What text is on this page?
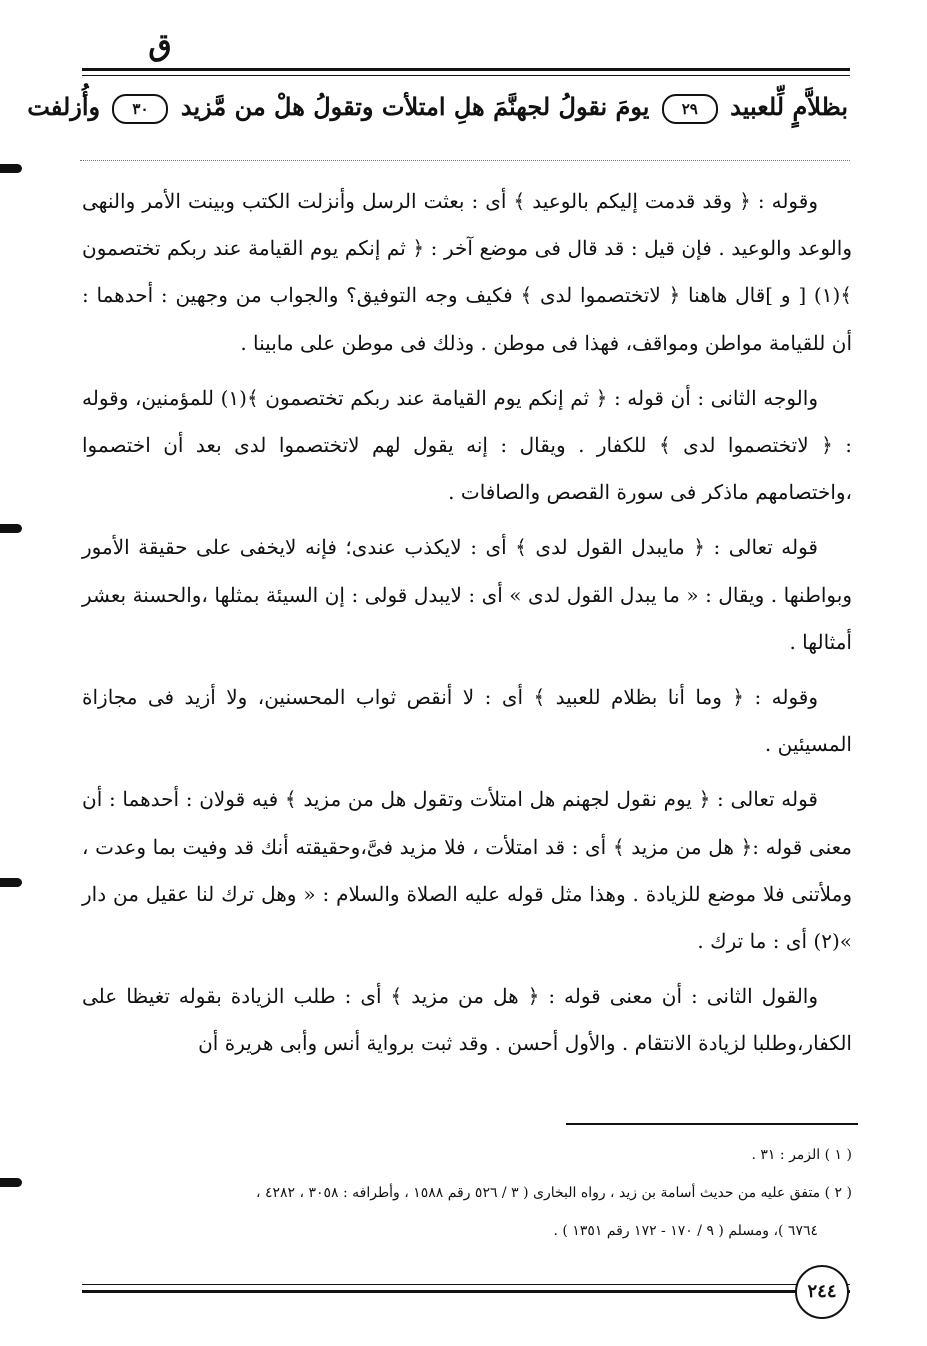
ق
بظلاَّمٍ لِّلعبيد ٢٩ يومَ نقولُ لجهنَّمَ هلِ امتلأت وتقولُ هلْ من مَّزيد ٣٠ وأُزلفت

وقوله : ﴿ وقد قدمت إليكم بالوعيد ﴾ أى : بعثت الرسل وأنزلت الكتب وبينت الأمر والنهى والوعد والوعيد . فإن قيل : قد قال فى موضع آخر : ﴿ ثم إنكم يوم القيامة عند ربكم تختصمون ﴾(١) [ و ]قال هاهنا ﴿ لاتختصموا لدى ﴾ فكيف وجه التوفيق؟ والجواب من وجهين : أحدهما : أن للقيامة مواطن ومواقف، فهذا فى موطن . وذلك فى موطن على مابينا .

والوجه الثانى : أن قوله : ﴿ ثم إنكم يوم القيامة عند ربكم تختصمون ﴾(١) للمؤمنين، وقوله : ﴿ لاتختصموا لدى ﴾ للكفار . ويقال : إنه يقول لهم لاتختصموا لدى بعد أن اختصموا ،واختصامهم ماذكر فى سورة القصص والصافات .

قوله تعالى : ﴿ مايبدل القول لدى ﴾ أى : لايكذب عندى؛ فإنه لايخفى على حقيقة الأمور وبواطنها . ويقال : « ما يبدل القول لدى » أى : لايبدل قولى : إن السيئة بمثلها ،والحسنة بعشر أمثالها .

وقوله : ﴿ وما أنا بظلام للعبيد ﴾ أى : لا أنقص ثواب المحسنين، ولا أزيد فى مجازاة المسيئين .

قوله تعالى : ﴿ يوم نقول لجهنم هل امتلأت وتقول هل من مزيد ﴾ فيه قولان : أحدهما : أن معنى قوله :﴿ هل من مزيد ﴾ أى : قد امتلأت ، فلا مزيد فىَّ،وحقيقته أنك قد وفيت بما وعدت ، وملأتنى فلا موضع للزيادة . وهذا مثل قوله عليه الصلاة والسلام : « وهل ترك لنا عقيل من دار »(٢) أى : ما ترك .

والقول الثانى : أن معنى قوله : ﴿ هل من مزيد ﴾ أى : طلب الزيادة بقوله تغيظا على الكفار،وطلبا لزيادة الانتقام . والأول أحسن . وقد ثبت برواية أنس وأبى هريرة أن

( ١ ) الزمر : ٣١ .
( ٢ ) متفق عليه من حديث أسامة بن زيد ، رواه البخارى ( ٣ / ٥٢٦ رقم ١٥٨٨ ، وأطرافه : ٣٠٥٨ ، ٤٢٨٢ ،
٦٧٦٤ )، ومسلم ( ٩ / ١٧٠ - ١٧٢ رقم ١٣٥١ ) .
٢٤٤
